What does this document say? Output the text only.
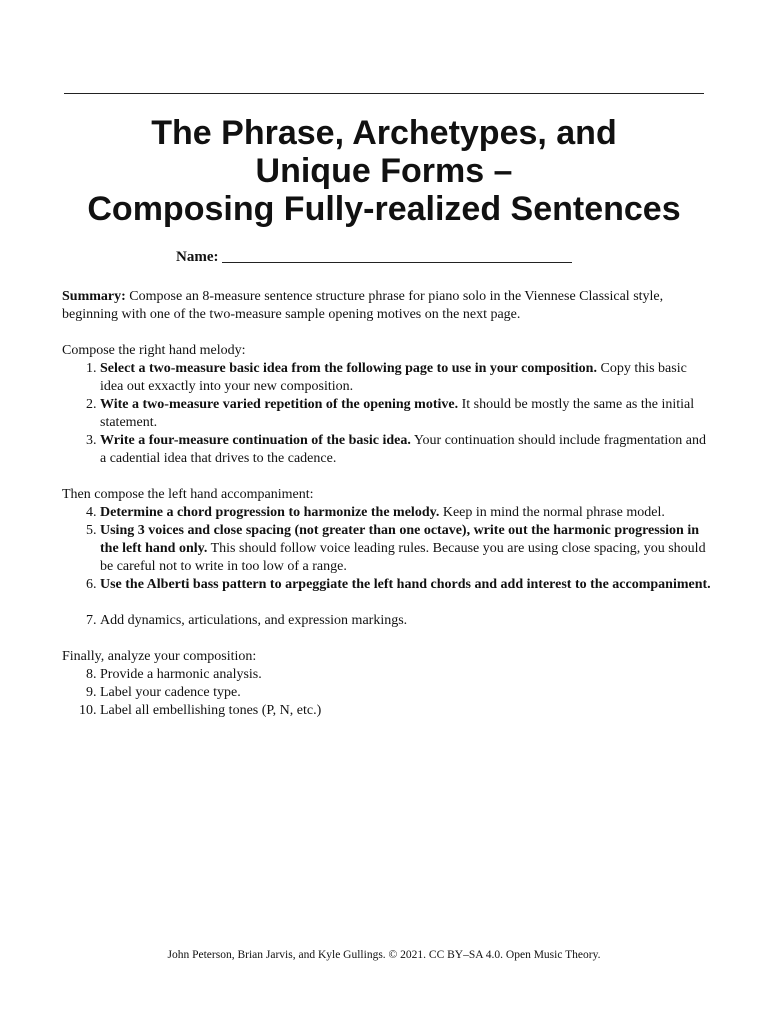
The Phrase, Archetypes, and
Unique Forms –
Composing Fully-realized Sentences
Name:

Summary: Compose an 8-measure sentence structure phrase for piano solo in the Viennese Classical style, beginning with one of the two-measure sample opening motives on the next page.

Compose the right hand melody:

1. Select a two-measure basic idea from the following page to use in your composition. Copy this basic idea out exxactly into your new composition.
2. Wite a two-measure varied repetition of the opening motive. It should be mostly the same as the initial statement.
3. Write a four-measure continuation of the basic idea. Your continuation should include fragmentation and a cadential idea that drives to the cadence.

Then compose the left hand accompaniment:

4. Determine a chord progression to harmonize the melody. Keep in mind the normal phrase model.
5. Using 3 voices and close spacing (not greater than one octave), write out the harmonic progression in the left hand only. This should follow voice leading rules. Because you are using close spacing, you should be careful not to write in too low of a range.
6. Use the Alberti bass pattern to arpeggiate the left hand chords and add interest to the accompaniment.
7. Add dynamics, articulations, and expression markings.

Finally, analyze your composition:

8. Provide a harmonic analysis.
9. Label your cadence type.
10. Label all embellishing tones (P, N, etc.)
John Peterson, Brian Jarvis, and Kyle Gullings. © 2021. CC BY–SA 4.0. Open Music Theory.
